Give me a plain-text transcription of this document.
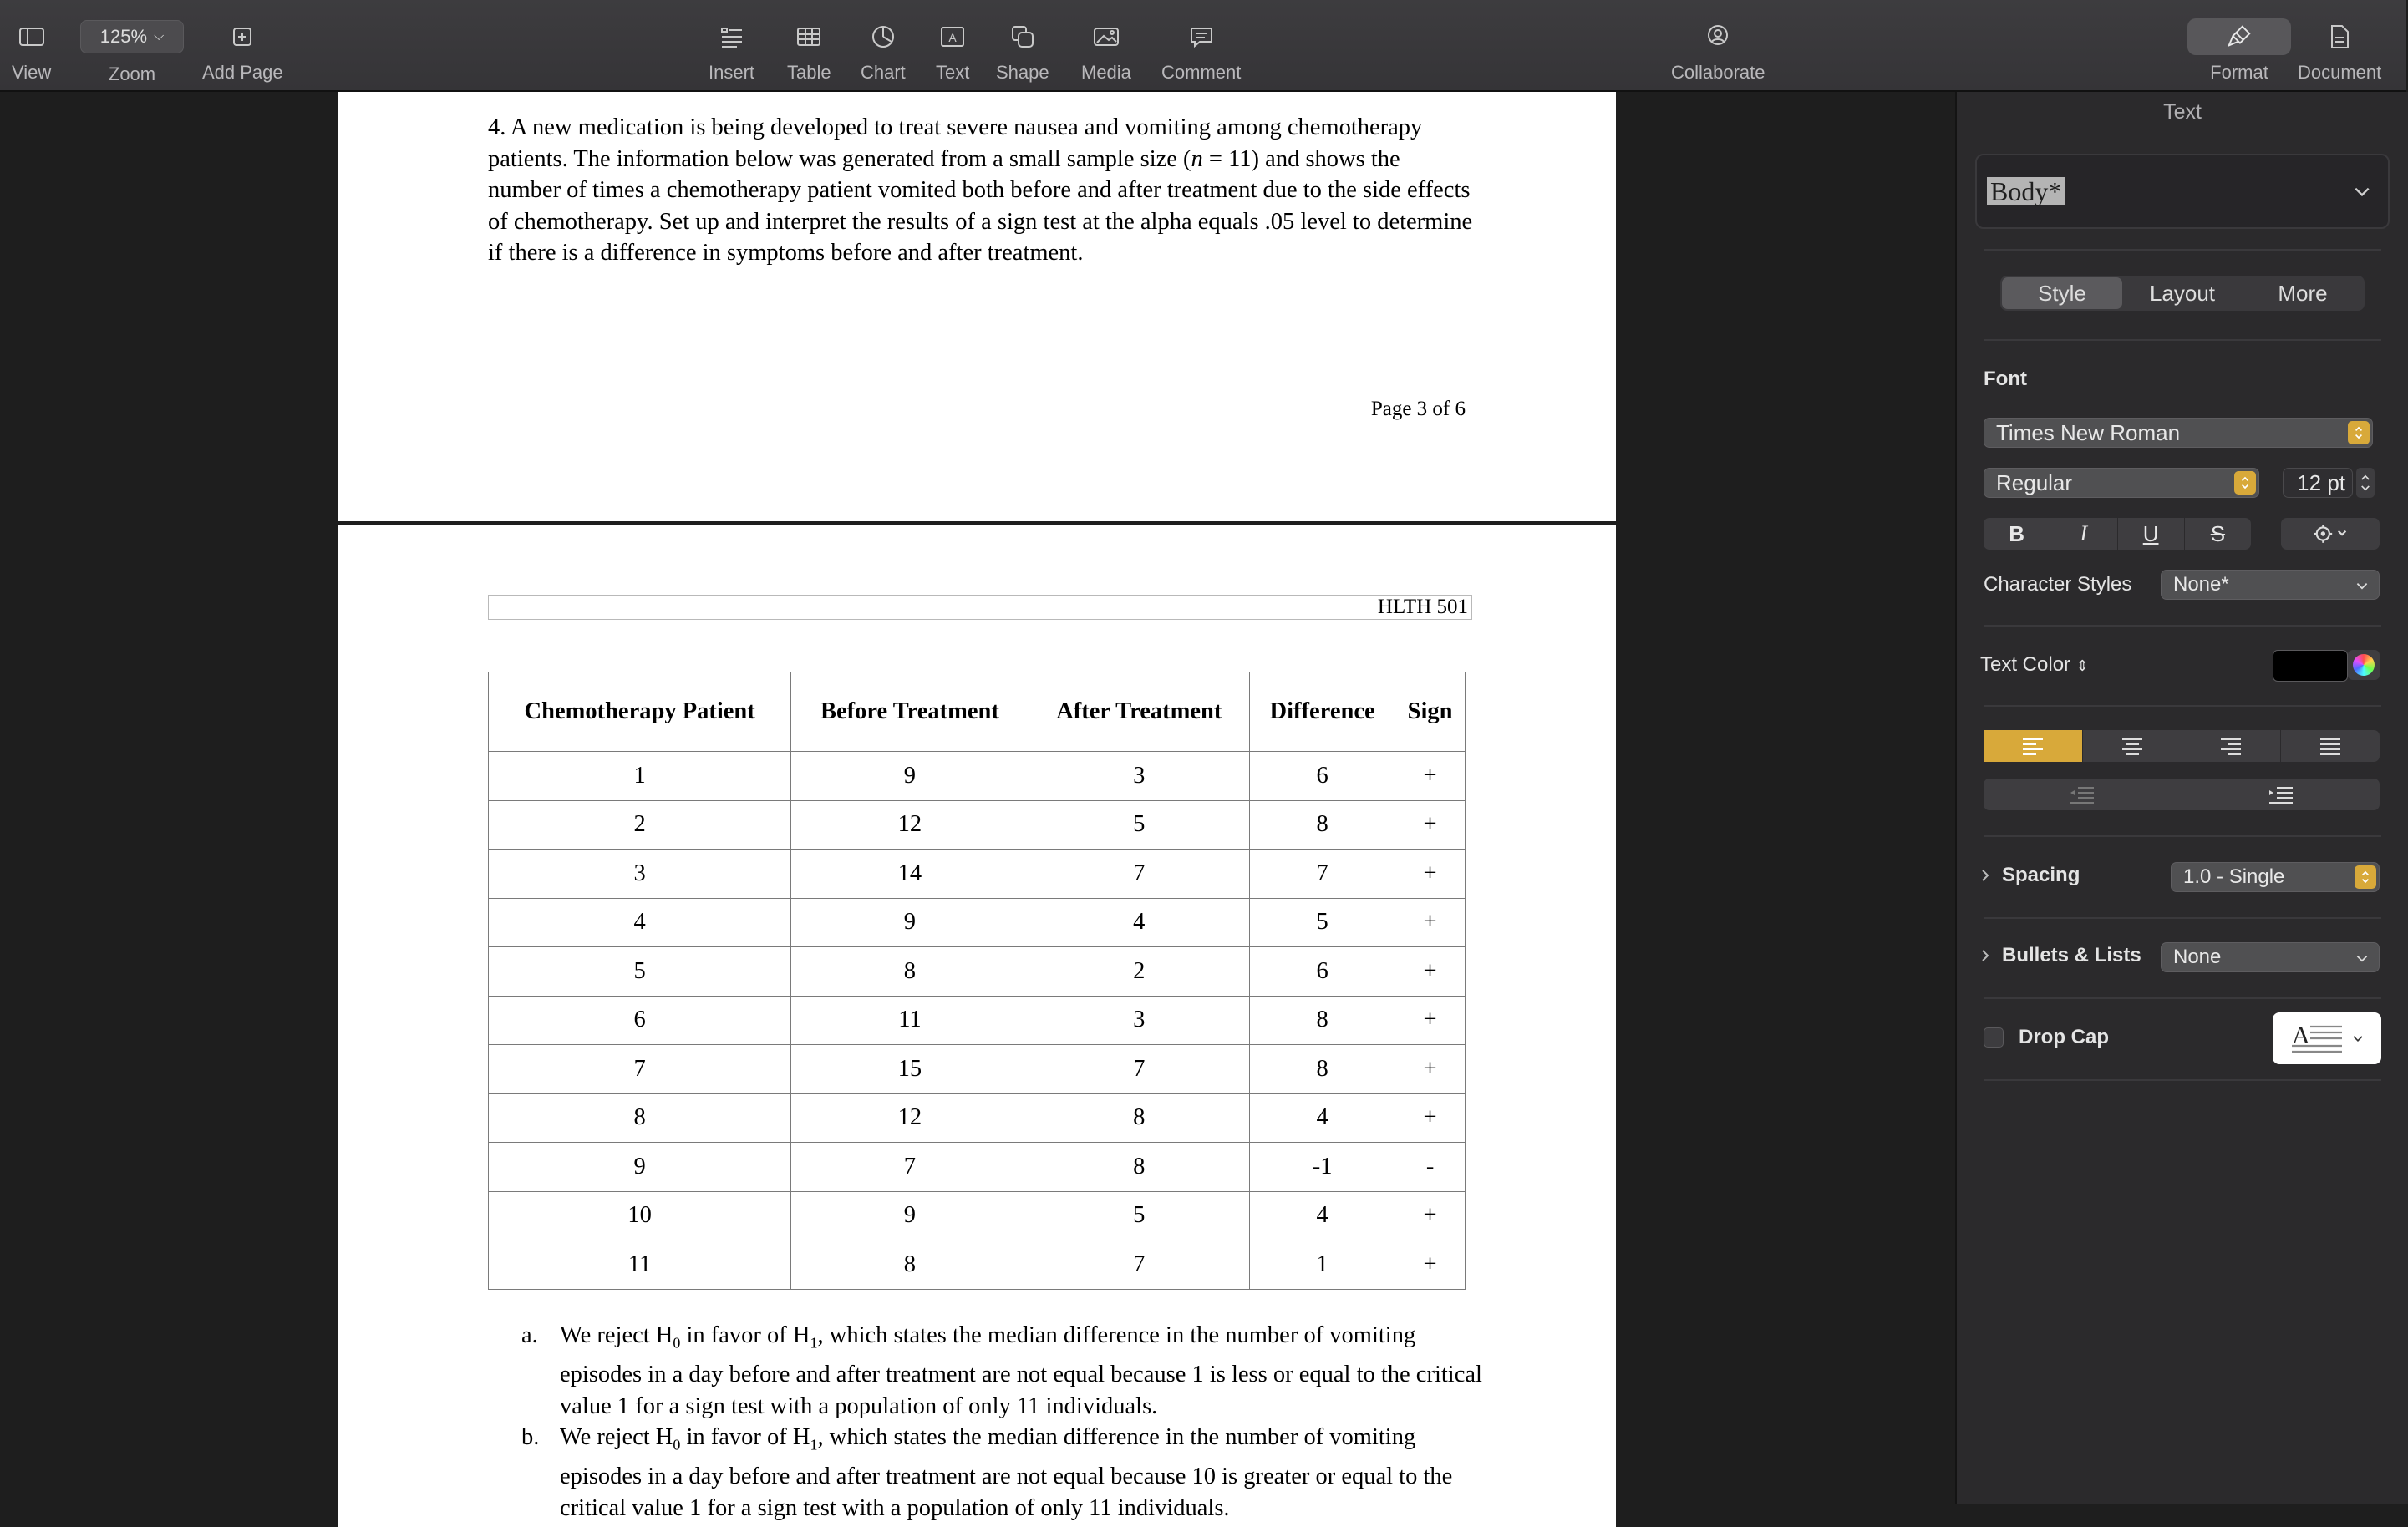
View
125% ⌵
Zoom	Add Page	Insert Table Chart
A
Text Shape Media Comment	Collaborate	Format Document
4. A new medication is being developed to treat severe nausea and vomiting among chemotherapy patients. The information below was generated from a small sample size (n = 11) and shows the number of times a chemotherapy patient vomited both before and after treatment due to the side effects of chemotherapy. Set up and interpret the results of a sign test at the alpha equals .05 level to determine if there is a difference in symptoms before and after treatment.
Page 3 of 6
HLTH 501
Chemotherapy Patient	Before Treatment	After Treatment	Difference	Sign
1	9	3	6	+
2	12	5	8	+
3	14	7	7	+
4	9	4	5	+
5	8	2	6	+
6	11	3	8	+
7	15	7	8	+
8	12	8	4	+
9	7	8	-1	-
10	9	5	4	+
11	8	7	1	+
a. We reject $H_0$ in favor of $H_1$, which states the median difference in the number of vomiting episodes in a day before and after treatment are not equal because 1 is less or equal to the critical value 1 for a sign test with a population of only 11 individuals.
b. We reject $H_0$ in favor of $H_1$, which states the median difference in the number of vomiting episodes in a day before and after treatment are not equal because 10 is greater or equal to the critical value 1 for a sign test with a population of only 11 individuals.
Text
Body*
Style	Layout	More
Font
Times New Roman
Regular	12 pt
B	I	U	S
Character Styles None*
Text Color ⇕
Spacing	1.0 - Single
Bullets & Lists None
Drop Cap	A
